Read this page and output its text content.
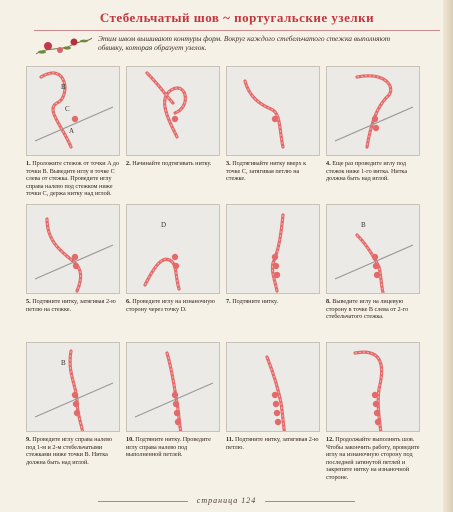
Стебельчатый шов ~ португальские узелки
Этим швом вышивают контуры форм. Вокруг каждого стебельчатого стежка выполняют обвивку, которая образует узелок.
B
C
A
1. Проложите стежок от точки A до точки B. Выведите иглу в точке C слева от стежка. Проведите иглу справа налево под стежком ниже точки C, держа нитку над иглой.
2. Начинайте подтягивать нитку.	3. Подтягивайте нитку вверх к точке C, затягивая петлю на стежке.
4. Еще раз проведите иглу под стежок ниже 1-го витка. Нитка должна быть над иглой.
5. Подтяните нитку, затягивая 2-ю петлю на стежке.
D
6. Проведите иглу на изнаночную сторону через точку D.
7. Подтяните нитку.
B
8. Выведите иглу на лицевую сторону в точке B слева от 2-го стебельчатого стежка.
B
9. Проведите иглу справа налево под 1-м и 2-м стебельчатыми стежками ниже точки B. Нитка должна быть над иглой.
10. Подтяните нитку. Проведите иглу справа налево под выполненной петлей.
11. Подтяните нитку, затягивая 2-ю петлю.
12. Продолжайте выполнять шов. Чтобы закончить работу, проведите иглу на изнаночную сторону под последней затянутой петлей и закрепите нитку на изнаночной стороне.
страница 124
